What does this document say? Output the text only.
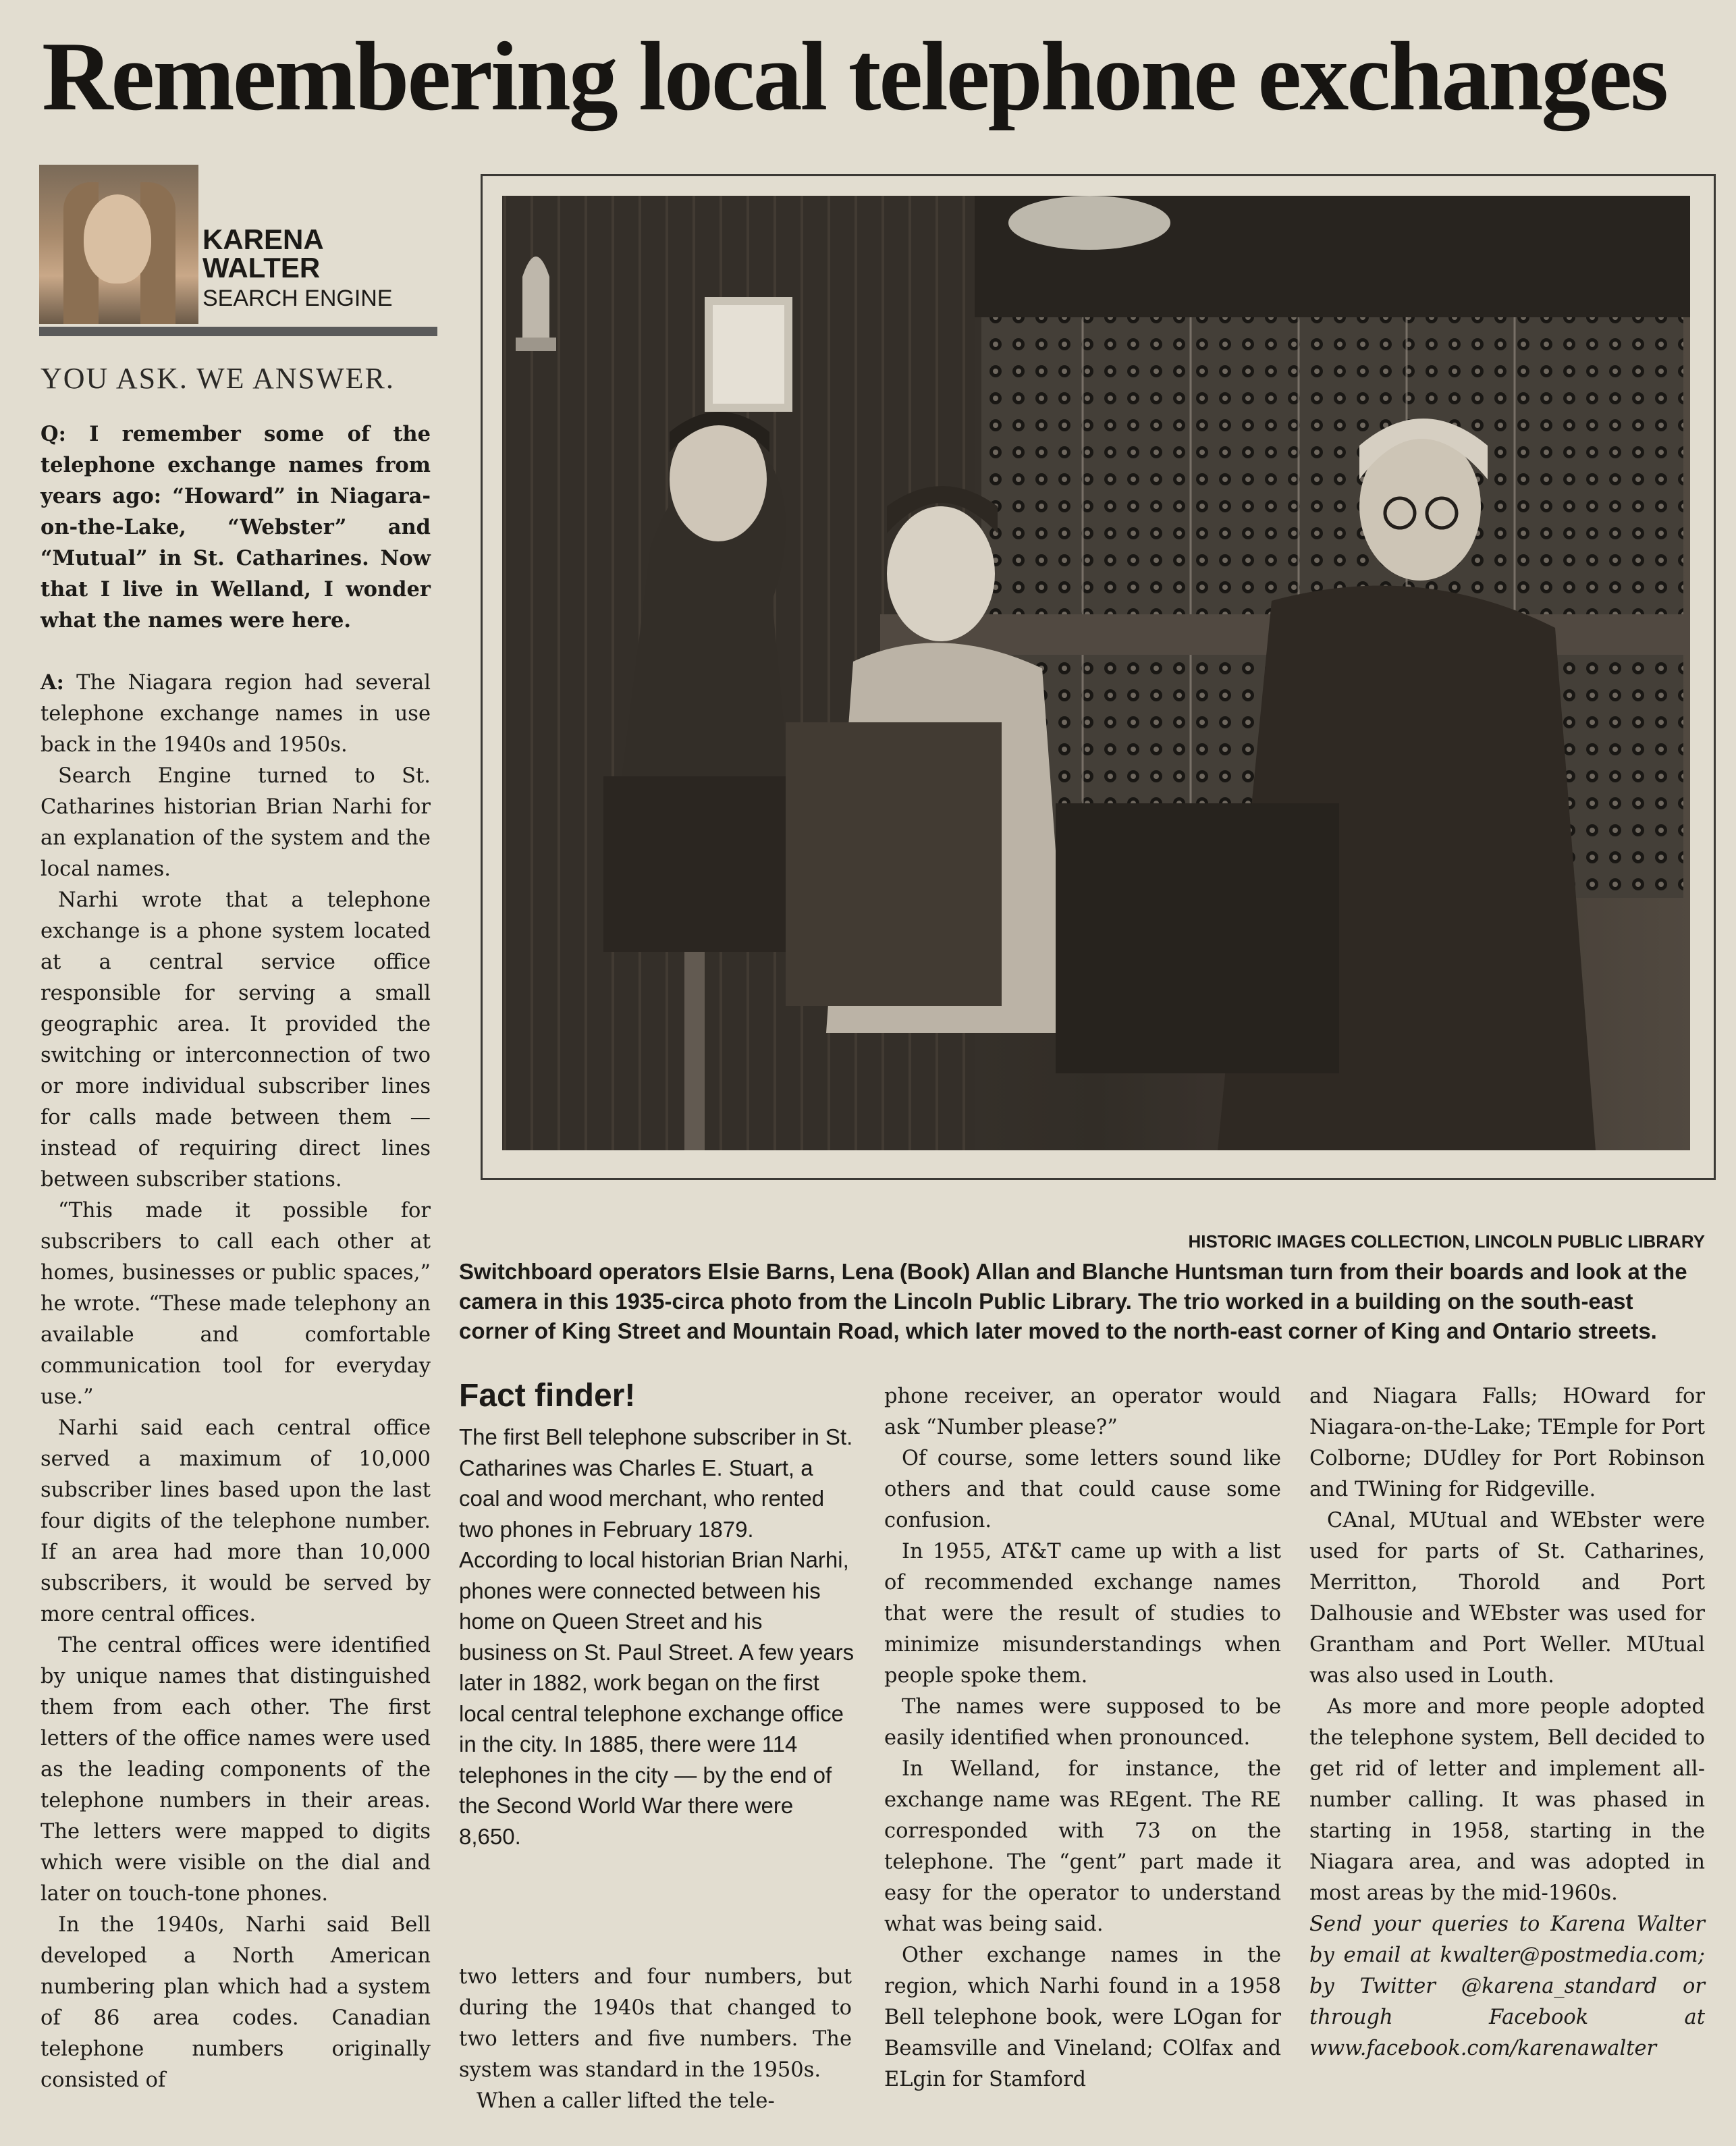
Remembering local telephone exchanges
KARENA
WALTER
SEARCH ENGINE
YOU ASK. WE ANSWER.

Q: I remember some of the telephone exchange names from years ago: “Howard” in Niagara-on-the-Lake, “Webster” and “Mutual” in St. Catharines. Now that I live in Welland, I wonder what the names were here.

A: The Niagara region had several telephone exchange names in use back in the 1940s and 1950s.

Search Engine turned to St. Catharines historian Brian Narhi for an explanation of the system and the local names.

Narhi wrote that a telephone exchange is a phone system located at a central service office responsible for serving a small geographic area. It provided the switching or interconnection of two or more individual subscriber lines for calls made between them — instead of requiring direct lines between subscriber stations.

“This made it possible for subscribers to call each other at homes, businesses or public spaces,” he wrote. “These made telephony an available and comfortable communication tool for everyday use.”

Narhi said each central office served a maximum of 10,000 subscriber lines based upon the last four digits of the telephone number. If an area had more than 10,000 subscribers, it would be served by more central offices.

The central offices were identified by unique names that distinguished them from each other. The first letters of the office names were used as the leading components of the telephone numbers in their areas. The letters were mapped to digits which were visible on the dial and later on touch-tone phones.

In the 1940s, Narhi said Bell developed a North American numbering plan which had a system of 86 area codes. Canadian telephone numbers originally consisted of

HISTORIC IMAGES COLLECTION, LINCOLN PUBLIC LIBRARY
Switchboard operators Elsie Barns, Lena (Book) Allan and Blanche Huntsman turn from their boards and look at the camera in this 1935-circa photo from the Lincoln Public Library. The trio worked in a building on the south-east corner of King Street and Mountain Road, which later moved to the north-east corner of King and Ontario streets.
Fact finder!

The first Bell telephone subscriber in St. Catharines was Charles E. Stuart, a coal and wood merchant, who rented two phones in February 1879. According to local historian Brian Narhi, phones were connected between his home on Queen Street and his business on St. Paul Street. A few years later in 1882, work began on the first local central telephone exchange office in the city. In 1885, there were 114 telephones in the city — by the end of the Second World War there were 8,650.

two letters and four numbers, but during the 1940s that changed to two letters and five numbers. The system was standard in the 1950s.

When a caller lifted the tele-

phone receiver, an operator would ask “Number please?”

Of course, some letters sound like others and that could cause some confusion.

In 1955, AT&T came up with a list of recommended exchange names that were the result of studies to minimize misunderstandings when people spoke them.

The names were supposed to be easily identified when pronounced.

In Welland, for instance, the exchange name was REgent. The RE corresponded with 73 on the telephone. The “gent” part made it easy for the operator to understand what was being said.

Other exchange names in the region, which Narhi found in a 1958 Bell telephone book, were LOgan for Beamsville and Vineland; COlfax and ELgin for Stamford

and Niagara Falls; HOward for Niagara-on-the-Lake; TEmple for Port Colborne; DUdley for Port Robinson and TWining for Ridgeville.

CAnal, MUtual and WEbster were used for parts of St. Catharines, Merritton, Thorold and Port Dalhousie and WEbster was used for Grantham and Port Weller. MUtual was also used in Louth.

As more and more people adopted the telephone system, Bell decided to get rid of letter and implement all-number calling. It was phased in starting in 1958, starting in the Niagara area, and was adopted in most areas by the mid-1960s.

Send your queries to Karena Walter by email at kwalter@postmedia.com; by Twitter @karena_standard or through Facebook at www.facebook.com/karenawalter
